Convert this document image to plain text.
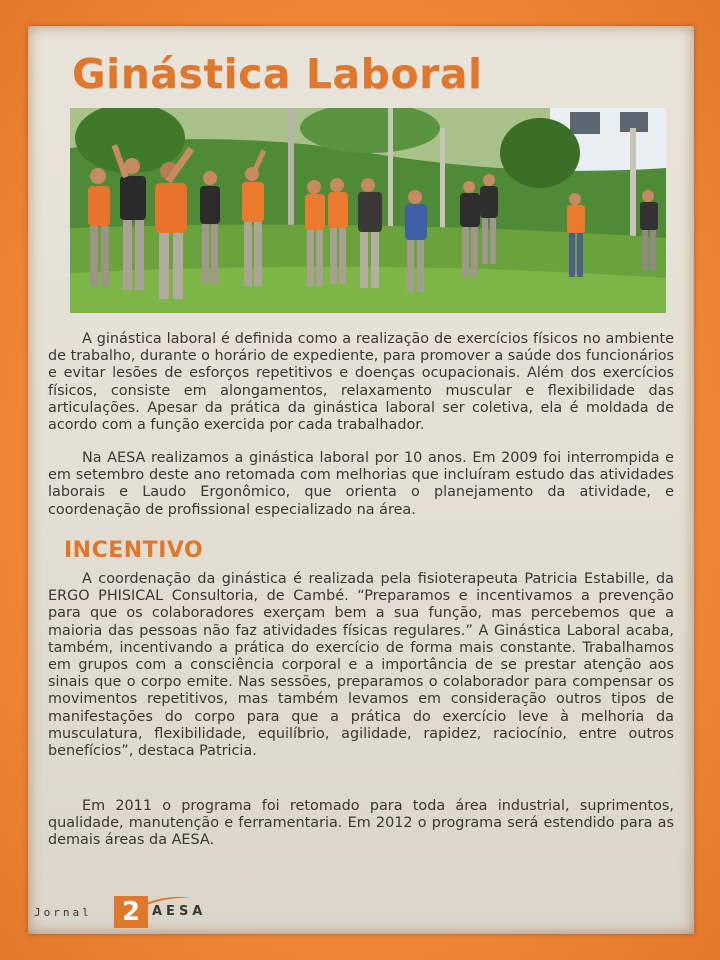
Ginástica Laboral

A ginástica laboral é definida como a realização de exercícios físicos no ambiente de trabalho, durante o horário de expediente, para promover a saúde dos funcionários e evitar lesões de esforços repetitivos e doenças ocupacionais. Além dos exercícios físicos, consiste em alongamentos, relaxamento muscular e flexibilidade das articulações. Apesar da prática da ginástica laboral ser coletiva, ela é moldada de acordo com a função exercida por cada trabalhador.

Na AESA realizamos a ginástica laboral por 10 anos. Em 2009 foi interrompida e em setembro deste ano retomada com melhorias que incluíram estudo das atividades laborais e Laudo Ergonômico, que orienta o planejamento da atividade, e coordenação de profissional especializado na área.

INCENTIVO

A coordenação da ginástica é realizada pela fisioterapeuta Patricia Estabille, da ERGO PHISICAL Consultoria, de Cambé. “Preparamos e incentivamos a prevenção para que os colaboradores exerçam bem a sua função, mas percebemos que a maioria das pessoas não faz atividades físicas regulares.” A Ginástica Laboral acaba, também, incentivando a prática do exercício de forma mais constante. Trabalhamos em grupos com a consciência corporal e a importância de se prestar atenção aos sinais que o corpo emite. Nas sessões, preparamos o colaborador para compensar os movimentos repetitivos, mas também levamos em consideração outros tipos de manifestações do corpo para que a prática do exercício leve à melhoria da musculatura, flexibilidade, equilíbrio, agilidade, rapidez, raciocínio, entre outros benefícios”, destaca Patricia.

Em 2011 o programa foi retomado para toda área industrial, suprimentos, qualidade, manutenção e ferramentaria. Em 2012 o programa será estendido para as demais áreas da AESA.

Jornal	2 AESA
